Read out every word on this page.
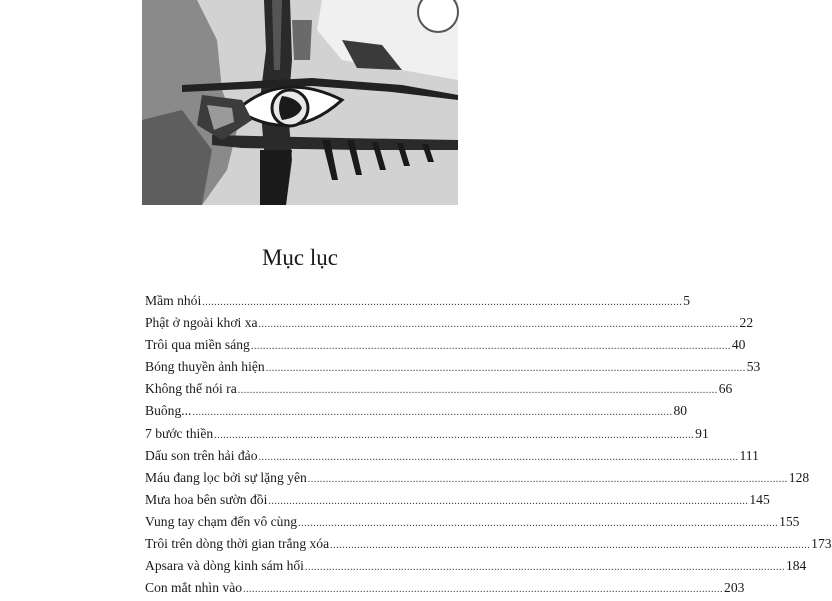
Mục lục
Mầm nhói ................................................................................................................................................................ 5
Phật ở ngoài khơi xa ................................................................................................................................................................ 22
Trôi qua miền sáng ................................................................................................................................................................ 40
Bóng thuyền ảnh hiện ................................................................................................................................................................ 53
Không thể nói ra ................................................................................................................................................................ 66
Buông... ................................................................................................................................................................ 80
7 bước thiền ................................................................................................................................................................ 91
Dấu son trên hải đảo ................................................................................................................................................................ 111
Máu đang lọc bởi sự lặng yên ................................................................................................................................................................ 128
Mưa hoa bên sườn đồi ................................................................................................................................................................ 145
Vung tay chạm đến vô cùng ................................................................................................................................................................ 155
Trôi trên dòng thời gian trắng xóa ................................................................................................................................................................ 173
Apsara và dòng kinh sám hối ................................................................................................................................................................ 184
Con mắt nhìn vào ................................................................................................................................................................ 203
